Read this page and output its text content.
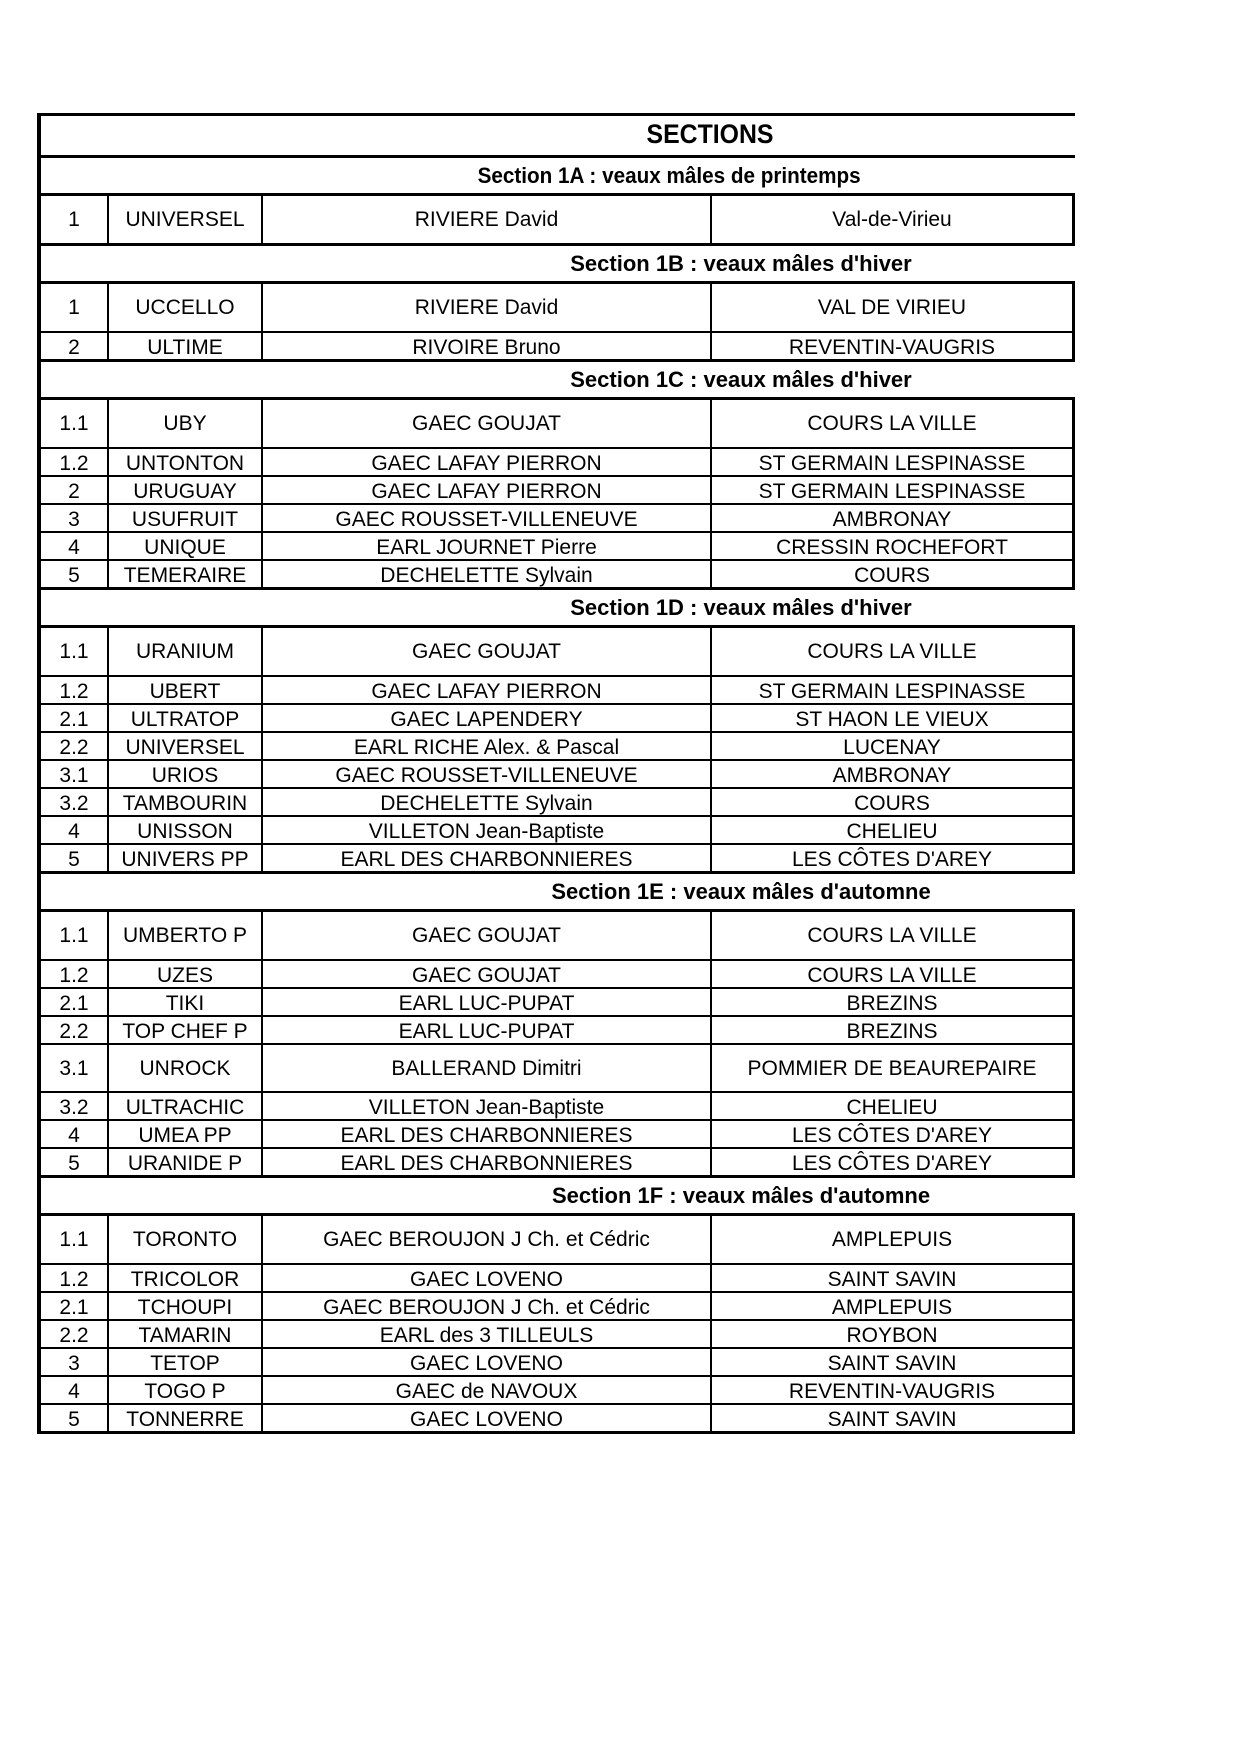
SECTIONS
Section 1A : veaux mâles de printemps
1	UNIVERSEL	RIVIERE David	Val-de-Virieu
Section 1B : veaux mâles d'hiver
1	UCCELLO	RIVIERE David	VAL DE VIRIEU
2	ULTIME	RIVOIRE Bruno	REVENTIN-VAUGRIS
Section 1C : veaux mâles d'hiver
1.1	UBY	GAEC GOUJAT	COURS LA VILLE
1.2	UNTONTON	GAEC LAFAY PIERRON	ST GERMAIN LESPINASSE
2	URUGUAY	GAEC LAFAY PIERRON	ST GERMAIN LESPINASSE
3	USUFRUIT	GAEC ROUSSET-VILLENEUVE	AMBRONAY
4	UNIQUE	EARL JOURNET Pierre	CRESSIN ROCHEFORT
5	TEMERAIRE	DECHELETTE Sylvain	COURS
Section 1D : veaux mâles d'hiver
1.1	URANIUM	GAEC GOUJAT	COURS LA VILLE
1.2	UBERT	GAEC LAFAY PIERRON	ST GERMAIN LESPINASSE
2.1	ULTRATOP	GAEC LAPENDERY	ST HAON LE VIEUX
2.2	UNIVERSEL	EARL RICHE Alex. & Pascal	LUCENAY
3.1	URIOS	GAEC ROUSSET-VILLENEUVE	AMBRONAY
3.2	TAMBOURIN	DECHELETTE Sylvain	COURS
4	UNISSON	VILLETON Jean-Baptiste	CHELIEU
5	UNIVERS PP	EARL DES CHARBONNIERES	LES CÔTES D'AREY
Section 1E : veaux mâles d'automne
1.1	UMBERTO P	GAEC GOUJAT	COURS LA VILLE
1.2	UZES	GAEC GOUJAT	COURS LA VILLE
2.1	TIKI	EARL LUC-PUPAT	BREZINS
2.2	TOP CHEF P	EARL LUC-PUPAT	BREZINS
3.1	UNROCK	BALLERAND Dimitri	POMMIER DE BEAUREPAIRE
3.2	ULTRACHIC	VILLETON Jean-Baptiste	CHELIEU
4	UMEA PP	EARL DES CHARBONNIERES	LES CÔTES D'AREY
5	URANIDE P	EARL DES CHARBONNIERES	LES CÔTES D'AREY
Section 1F : veaux mâles d'automne
1.1	TORONTO	GAEC BEROUJON J Ch. et Cédric	AMPLEPUIS
1.2	TRICOLOR	GAEC LOVENO	SAINT SAVIN
2.1	TCHOUPI	GAEC BEROUJON J Ch. et Cédric	AMPLEPUIS
2.2	TAMARIN	EARL des 3 TILLEULS	ROYBON
3	TETOP	GAEC LOVENO	SAINT SAVIN
4	TOGO P	GAEC de NAVOUX	REVENTIN-VAUGRIS
5	TONNERRE	GAEC LOVENO	SAINT SAVIN
